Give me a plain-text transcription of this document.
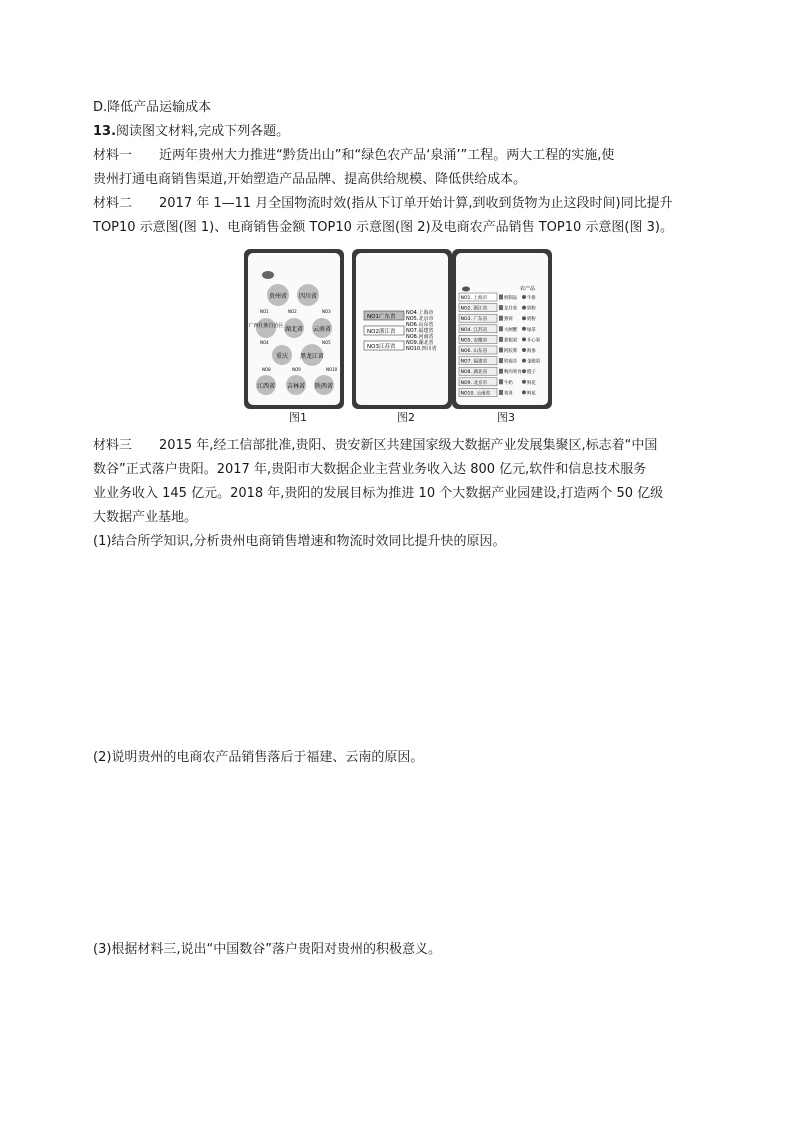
D.降低产品运输成本
13.阅读图文材料,完成下列各题。
材料一 近两年贵州大力推进“黔货出山”和“绿色农产品‘泉涌’”工程。两大工程的实施,使
贵州打通电商销售渠道,开始塑造产品品牌、提高供给规模、降低供给成本。
材料二 2017 年 1—11 月全国物流时效(指从下订单开始计算,到收到货物为止这段时间)同比提升
TOP10 示意图(图 1)、电商销售金额 TOP10 示意图(图 2)及电商农产品销售 TOP10 示意图(图 3)。
贵州省 四川省
NO1	NO2	NO3
广西壮族自治区 湖北省 云南省
NO4	NO5
重庆 黑龙江省
NO8	NO9	NO10
江西省 吉林省 陕西省
NO1广东省
NO2浙江省
NO3江苏省
NO4.上海市
NO5.北京市
NO6.山东省
NO7.福建省
NO8.河南省
NO9.湖北省
NO10.四川省
农产品
NO1. 上海市	奶制品 牛排
NO2. 浙江省	龙井茶 奶粉
NO3. 广东省	燕窝	奶粉
NO4. 江苏省	大闸蟹 绿茶
NO5. 安徽省	碧根果 开心果
NO6. 山东省	阿胶膏 海参
NO7. 福建省	铁观音 金骏眉
NO8. 湖北省	鸭肉零食 橙子
NO9. 北京市	牛奶	鲜花
NO10. 云南省	普洱	鲜花
图1	图2	图3
材料三 2015 年,经工信部批准,贵阳、贵安新区共建国家级大数据产业发展集聚区,标志着“中国
数谷”正式落户贵阳。2017 年,贵阳市大数据企业主营业务收入达 800 亿元,软件和信息技术服务
业业务收入 145 亿元。2018 年,贵阳的发展目标为推进 10 个大数据产业园建设,打造两个 50 亿级
大数据产业基地。
(1)结合所学知识,分析贵州电商销售增速和物流时效同比提升快的原因。
(2)说明贵州的电商农产品销售落后于福建、云南的原因。
(3)根据材料三,说出“中国数谷”落户贵阳对贵州的积极意义。
